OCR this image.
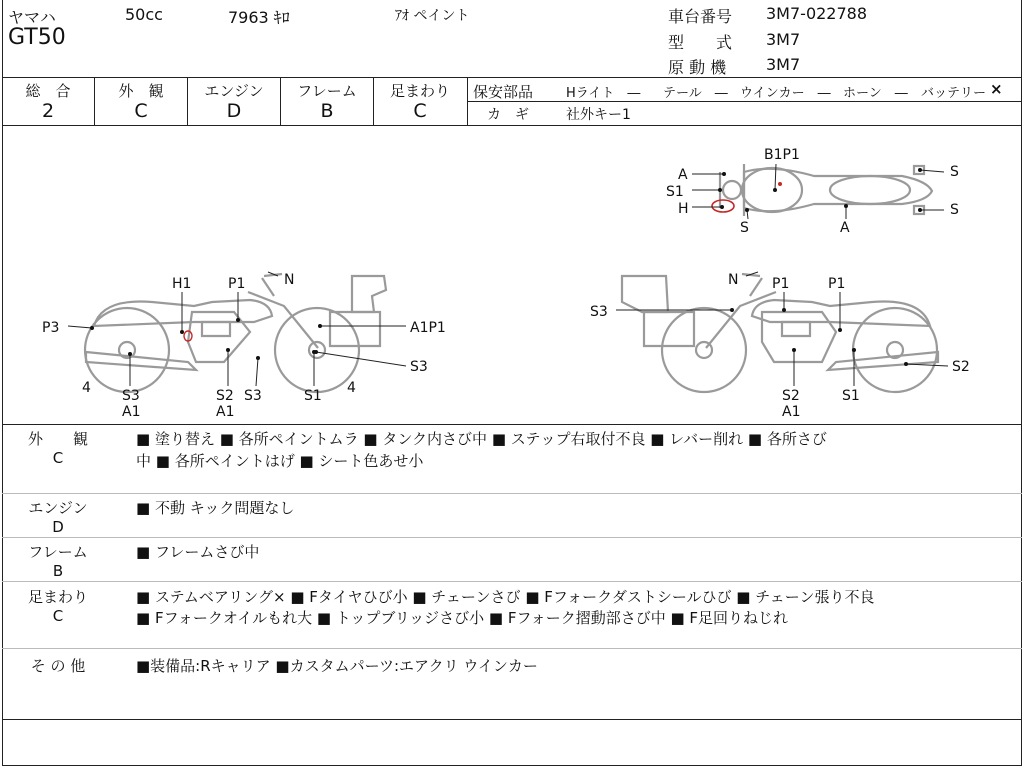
ヤマハ	50cc	7963 ｷﾛ	ｱｵ ペイント
GT50
車台番号 3M7-022788
型　　式 3M7
原 動 機 3M7
総　合
2
外　観
C
エンジン
D
フレーム
B
足まわり
C
保安部品	Hライト　― テール　― ウインカー　― ホーン　― バッテリー ×
カ　ギ	社外キー1
B1P1
A
S1
H
S	A
S
S
H1	P1	N
P3	A1P1
S3
4 S3
A1
S2
A1
S3	S1 4
N P1	P1
S3
S2
S2
A1
S1
外　　観
C
■ 塗り替え ■ 各所ペイントムラ ■ タンク内さび中 ■ ステップ右取付不良 ■ レバー削れ ■ 各所さび
中 ■ 各所ペイントはげ ■ シート色あせ小
エンジン
D
■ 不動 キック問題なし
フレーム
B
■ フレームさび中
足まわり
C
■ ステムベアリング× ■ Fタイヤひび小 ■ チェーンさび ■ Fフォークダストシールひび ■ チェーン張り不良
■ Fフォークオイルもれ大 ■ トップブリッジさび小 ■ Fフォーク摺動部さび中 ■ F足回りねじれ
そ の 他	■装備品:Rキャリア ■カスタムパーツ:エアクリ ウインカー
